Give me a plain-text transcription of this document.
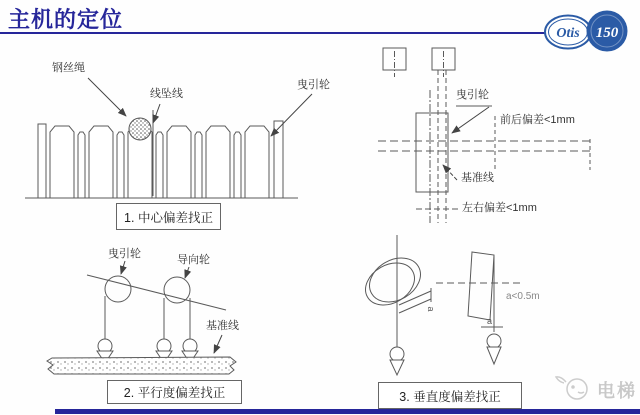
主机的定位
Otis 150
a
a
钢丝绳
线坠线
曳引轮
1. 中心偏差找正
曳引轮
前后偏差<1mm
基准线
左右偏差<1mm
曳引轮	导向轮
基准线
2. 平行度偏差找正
a<0.5m
3. 垂直度偏差找正	电梯
